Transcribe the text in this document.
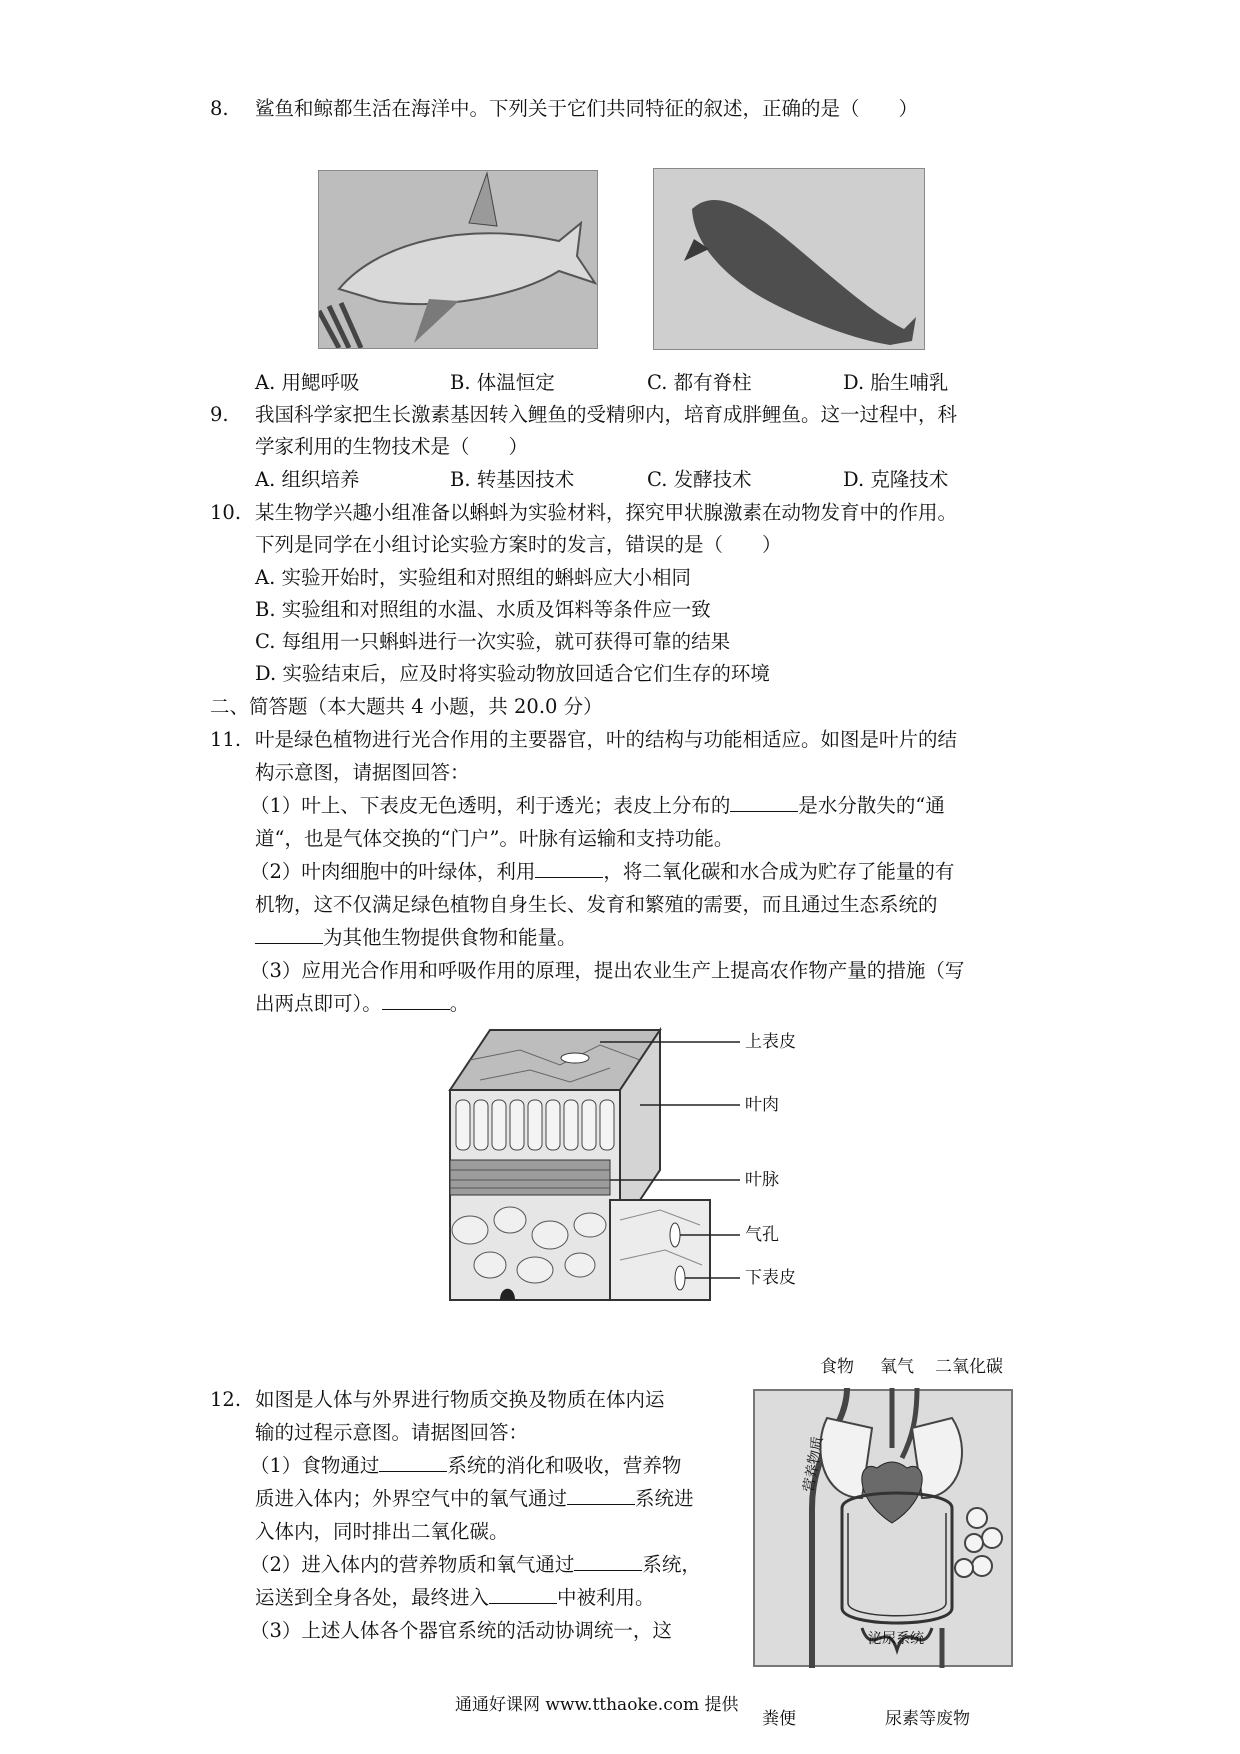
8. 鲨鱼和鲸都生活在海洋中。下列关于它们共同特征的叙述，正确的是（　　）
A. 用鳃呼吸	B. 体温恒定	C. 都有脊柱	D. 胎生哺乳
9. 我国科学家把生长激素基因转入鲤鱼的受精卵内，培育成胖鲤鱼。这一过程中，科
学家利用的生物技术是（　　）
A. 组织培养	B. 转基因技术	C. 发酵技术	D. 克隆技术
10. 某生物学兴趣小组准备以蝌蚪为实验材料，探究甲状腺激素在动物发育中的作用。
下列是同学在小组讨论实验方案时的发言，错误的是（　　）
A. 实验开始时，实验组和对照组的蝌蚪应大小相同
B. 实验组和对照组的水温、水质及饵料等条件应一致
C. 每组用一只蝌蚪进行一次实验，就可获得可靠的结果
D. 实验结束后，应及时将实验动物放回适合它们生存的环境
二、简答题（本大题共 4 小题，共 20.0 分）
11. 叶是绿色植物进行光合作用的主要器官，叶的结构与功能相适应。如图是叶片的结
构示意图，请据图回答：
（1）叶上、下表皮无色透明，利于透光；表皮上分布的	是水分散失的“通
道“，也是气体交换的“门户”。叶脉有运输和支持功能。
（2）叶肉细胞中的叶绿体，利用	，将二氧化碳和水合成为贮存了能量的有
机物，这不仅满足绿色植物自身生长、发育和繁殖的需要，而且通过生态系统的
为其他生物提供食物和能量。
（3）应用光合作用和呼吸作用的原理，提出农业生产上提高农作物产量的措施（写
出两点即可）。	。
上表皮
叶肉
叶脉
气孔
下表皮
12. 如图是人体与外界进行物质交换及物质在体内运
输的过程示意图。请据图回答：
（1）食物通过	系统的消化和吸收，营养物
质进入体内；外界空气中的氧气通过	系统进
入体内，同时排出二氧化碳。
（2）进入体内的营养物质和氧气通过	系统，
运送到全身各处，最终进入	中被利用。
（3）上述人体各个器官系统的活动协调统一，这
食物 氧气 二氧化碳
营养物质
泌尿系统
粪便	尿素等废物
通通好课网 www.tthaoke.com 提供
